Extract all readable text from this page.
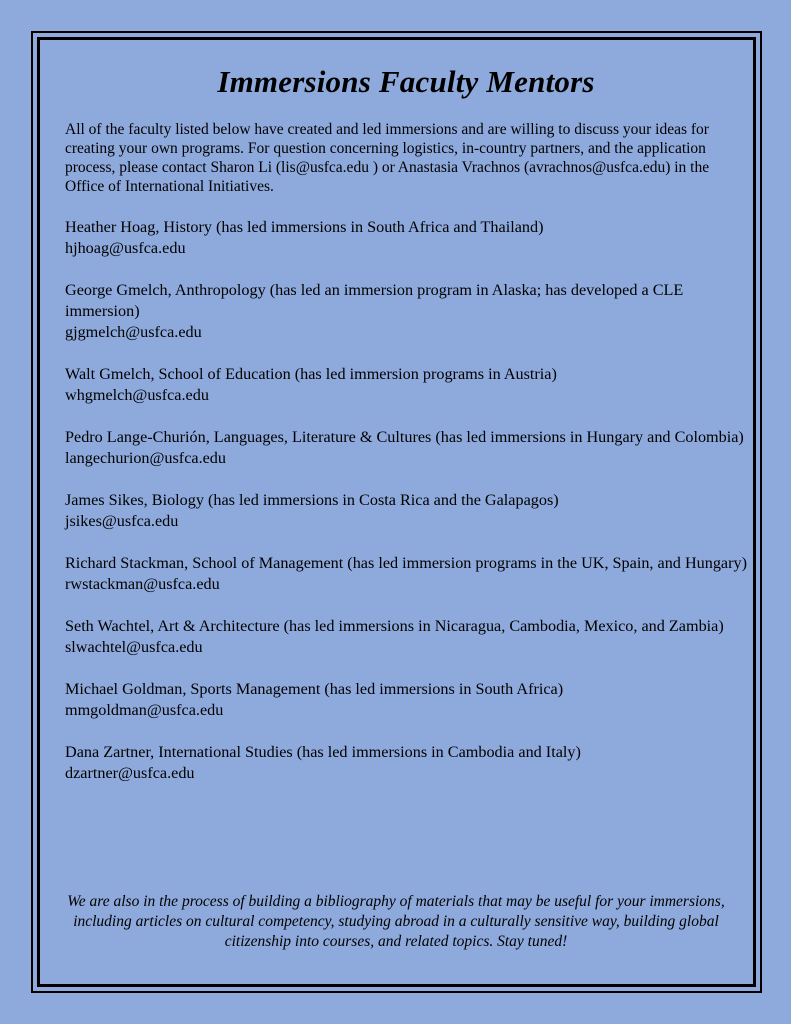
Immersions Faculty Mentors

All of the faculty listed below have created and led immersions and are willing to discuss your ideas for creating your own programs. For question concerning logistics, in-country partners, and the application process, please contact Sharon Li (lis@usfca.edu ) or Anastasia Vrachnos (avrachnos@usfca.edu) in the Office of International Initiatives.

Heather Hoag, History (has led immersions in South Africa and Thailand)
hjhoag@usfca.edu
George Gmelch, Anthropology (has led an immersion program in Alaska; has developed a CLE immersion)
gjgmelch@usfca.edu
Walt Gmelch, School of Education (has led immersion programs in Austria)
whgmelch@usfca.edu
Pedro Lange-Churión, Languages, Literature & Cultures (has led immersions in Hungary and Colombia)
langechurion@usfca.edu
James Sikes, Biology (has led immersions in Costa Rica and the Galapagos)
jsikes@usfca.edu
Richard Stackman, School of Management (has led immersion programs in the UK, Spain, and Hungary)
rwstackman@usfca.edu
Seth Wachtel, Art & Architecture (has led immersions in Nicaragua, Cambodia, Mexico, and Zambia)
slwachtel@usfca.edu
Michael Goldman, Sports Management (has led immersions in South Africa)
mmgoldman@usfca.edu
Dana Zartner, International Studies (has led immersions in Cambodia and Italy)
dzartner@usfca.edu

We are also in the process of building a bibliography of materials that may be useful for your immersions, including articles on cultural competency, studying abroad in a culturally sensitive way, building global citizenship into courses, and related topics. Stay tuned!
